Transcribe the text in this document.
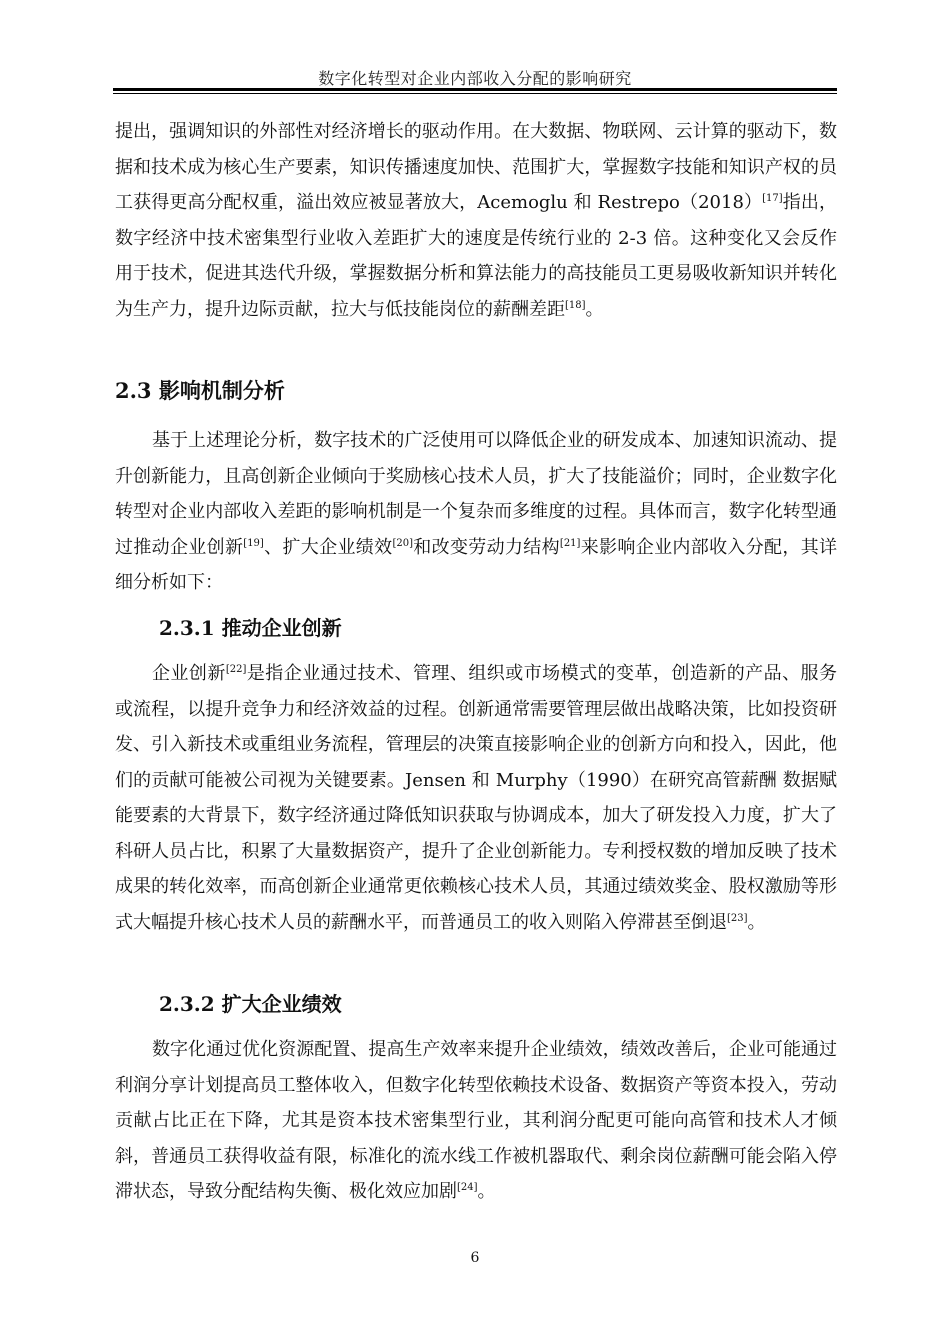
数字化转型对企业内部收入分配的影响研究

提出，强调知识的外部性对经济增长的驱动作用。在大数据、物联网、云计算的驱动下，数据和技术成为核心生产要素，知识传播速度加快、范围扩大，掌握数字技能和知识产权的员工获得更高分配权重，溢出效应被显著放大，Acemoglu 和 Restrepo（2018）[17]指出，数字经济中技术密集型行业收入差距扩大的速度是传统行业的 2-3 倍。这种变化又会反作用于技术，促进其迭代升级，掌握数据分析和算法能力的高技能员工更易吸收新知识并转化为生产力，提升边际贡献，拉大与低技能岗位的薪酬差距[18]。

2.3 影响机制分析

基于上述理论分析，数字技术的广泛使用可以降低企业的研发成本、加速知识流动、提升创新能力，且高创新企业倾向于奖励核心技术人员，扩大了技能溢价；同时，企业数字化转型对企业内部收入差距的影响机制是一个复杂而多维度的过程。具体而言，数字化转型通过推动企业创新[19]、扩大企业绩效[20]和改变劳动力结构[21]来影响企业内部收入分配，其详细分析如下：

2.3.1 推动企业创新

企业创新[22]是指企业通过技术、管理、组织或市场模式的变革，创造新的产品、服务或流程，以提升竞争力和经济效益的过程。创新通常需要管理层做出战略决策，比如投资研发、引入新技术或重组业务流程，管理层的决策直接影响企业的创新方向和投入，因此，他们的贡献可能被公司视为关键要素。Jensen 和 Murphy（1990）在研究高管薪酬 数据赋能要素的大背景下，数字经济通过降低知识获取与协调成本，加大了研发投入力度，扩大了科研人员占比，积累了大量数据资产，提升了企业创新能力。专利授权数的增加反映了技术成果的转化效率，而高创新企业通常更依赖核心技术人员，其通过绩效奖金、股权激励等形式大幅提升核心技术人员的薪酬水平，而普通员工的收入则陷入停滞甚至倒退[23]。

2.3.2 扩大企业绩效

数字化通过优化资源配置、提高生产效率来提升企业绩效，绩效改善后，企业可能通过利润分享计划提高员工整体收入，但数字化转型依赖技术设备、数据资产等资本投入，劳动贡献占比正在下降，尤其是资本技术密集型行业，其利润分配更可能向高管和技术人才倾斜，普通员工获得收益有限，标准化的流水线工作被机器取代、剩余岗位薪酬可能会陷入停滞状态，导致分配结构失衡、极化效应加剧[24]。

6
